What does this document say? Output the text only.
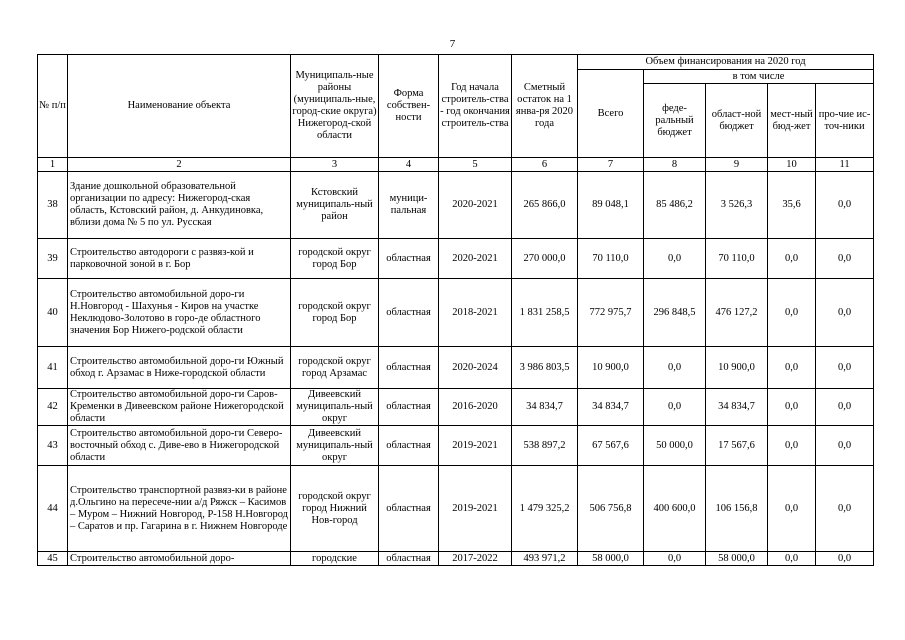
7
№ п/п	Наименование объекта	Муниципаль-ные районы (муниципаль-ные, город-ские округа) Нижегород-ской области	Форма собствен-ности	Год начала строитель-ства - год окончания строитель-ства	Сметный остаток на 1 янва-ря 2020 года	Объем финансирования на 2020 год				
						Всего	в том числе			
							феде-ральный бюджет	област-ной бюджет	мест-ный бюд-жет	про-чие ис-точ-ники
1	2	3	4	5	6	7	8	9	10	11
38	Здание дошкольной образовательной организации по адресу: Нижегород-ская область, Кстовский район, д. Анкудиновка, вблизи дома № 5 по ул. Русская	Кстовский муниципаль-ный район	муници-пальная	2020-2021	265 866,0	89 048,1	85 486,2	3 526,3	35,6	0,0
39	Строительство автодороги с развяз-кой и парковочной зоной в г. Бор	городской округ город Бор	областная	2020-2021	270 000,0	70 110,0	0,0	70 110,0	0,0	0,0
40	Строительство автомобильной доро-ги Н.Новгород - Шахунья - Киров на участке Неклюдово-Золотово в горо-де областного значения Бор Нижего-родской области	городской округ город Бор	областная	2018-2021	1 831 258,5	772 975,7	296 848,5	476 127,2	0,0	0,0
41	Строительство автомобильной доро-ги Южный обход г. Арзамас в Ниже-городской области	городской округ город Арзамас	областная	2020-2024	3 986 803,5	10 900,0	0,0	10 900,0	0,0	0,0
42	Строительство автомобильной доро-ги Саров-Кременки в Дивеевском районе Нижегородской области	Дивеевский муниципаль-ный округ	областная	2016-2020	34 834,7	34 834,7	0,0	34 834,7	0,0	0,0
43	Строительство автомобильной доро-ги Северо-восточный обход с. Диве-ево в Нижегородской области	Дивеевский муниципаль-ный округ	областная	2019-2021	538 897,2	67 567,6	50 000,0	17 567,6	0,0	0,0
44	Строительство транспортной развяз-ки в районе д.Ольгино на пересече-нии а/д Ряжск – Касимов – Муром – Нижний Новгород, Р-158 Н.Новгород – Саратов и пр. Гагарина в г. Нижнем Новгороде	городской округ город Нижний Нов-город	областная	2019-2021	1 479 325,2	506 756,8	400 600,0	106 156,8	0,0	0,0
45	Строительство автомобильной доро-	городские	областная	2017-2022	493 971,2	58 000,0	0,0	58 000,0	0,0	0,0
